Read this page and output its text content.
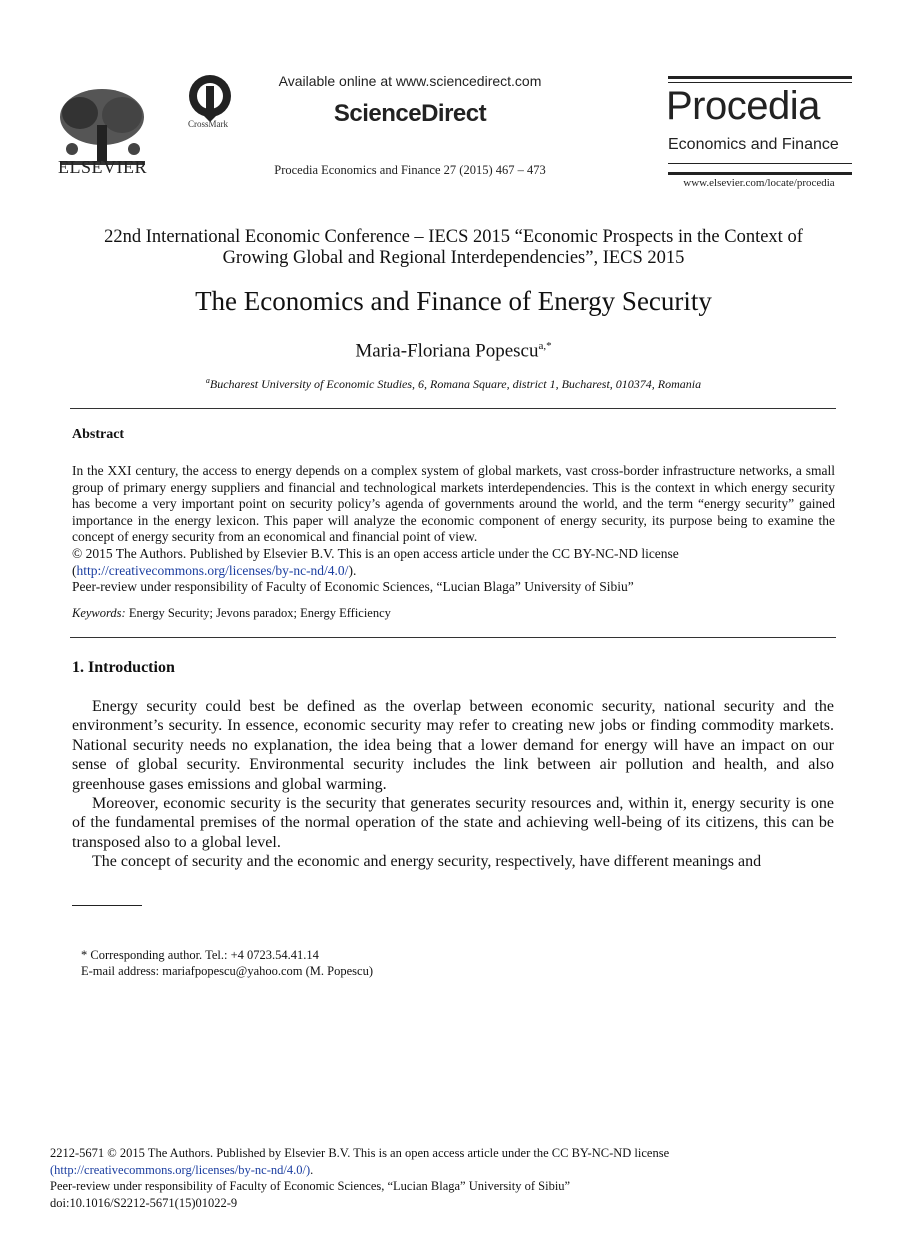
ELSEVIER
CrossMark
Available online at www.sciencedirect.com
ScienceDirect
Procedia Economics and Finance 27 (2015) 467 – 473
Procedia
Economics and Finance
www.elsevier.com/locate/procedia
22nd International Economic Conference – IECS 2015 “Economic Prospects in the Context of
Growing Global and Regional Interdependencies”, IECS 2015
The Economics and Finance of Energy Security
Maria-Floriana Popescu$^{a,*}$
$^a$Bucharest University of Economic Studies, 6, Romana Square, district 1, Bucharest, 010374, Romania
Abstract

In the XXI century, the access to energy depends on a complex system of global markets, vast cross-border infrastructure networks, a small group of primary energy suppliers and financial and technological markets interdependencies. This is the context in which energy security has become a very important point on security policy’s agenda of governments around the world, and the term “energy security” gained importance in the energy lexicon. This paper will analyze the economic component of energy security, its purpose being to examine the concept of energy security from an economical and financial point of view.

© 2015 The Authors. Published by Elsevier B.V. This is an open access article under the CC BY-NC-ND license

(http://creativecommons.org/licenses/by-nc-nd/4.0/).

Peer-review under responsibility of Faculty of Economic Sciences, “Lucian Blaga” University of Sibiu”

Keywords: Energy Security; Jevons paradox; Energy Efficiency
1. Introduction

Energy security could best be defined as the overlap between economic security, national security and the environment’s security. In essence, economic security may refer to creating new jobs or finding commodity markets. National security needs no explanation, the idea being that a lower demand for energy will have an impact on our sense of global security. Environmental security includes the link between air pollution and health, and also greenhouse gases emissions and global warming.

Moreover, economic security is the security that generates security resources and, within it, energy security is one of the fundamental premises of the normal operation of the state and achieving well-being of its citizens, this can be transposed also to a global level.

The concept of security and the economic and energy security, respectively, have different meanings and

* Corresponding author. Tel.: +4 0723.54.41.14
E-mail address: mariafpopescu@yahoo.com (M. Popescu)
2212-5671 © 2015 The Authors. Published by Elsevier B.V. This is an open access article under the CC BY-NC-ND license
(http://creativecommons.org/licenses/by-nc-nd/4.0/).
Peer-review under responsibility of Faculty of Economic Sciences, “Lucian Blaga” University of Sibiu”
doi:10.1016/S2212-5671(15)01022-9
